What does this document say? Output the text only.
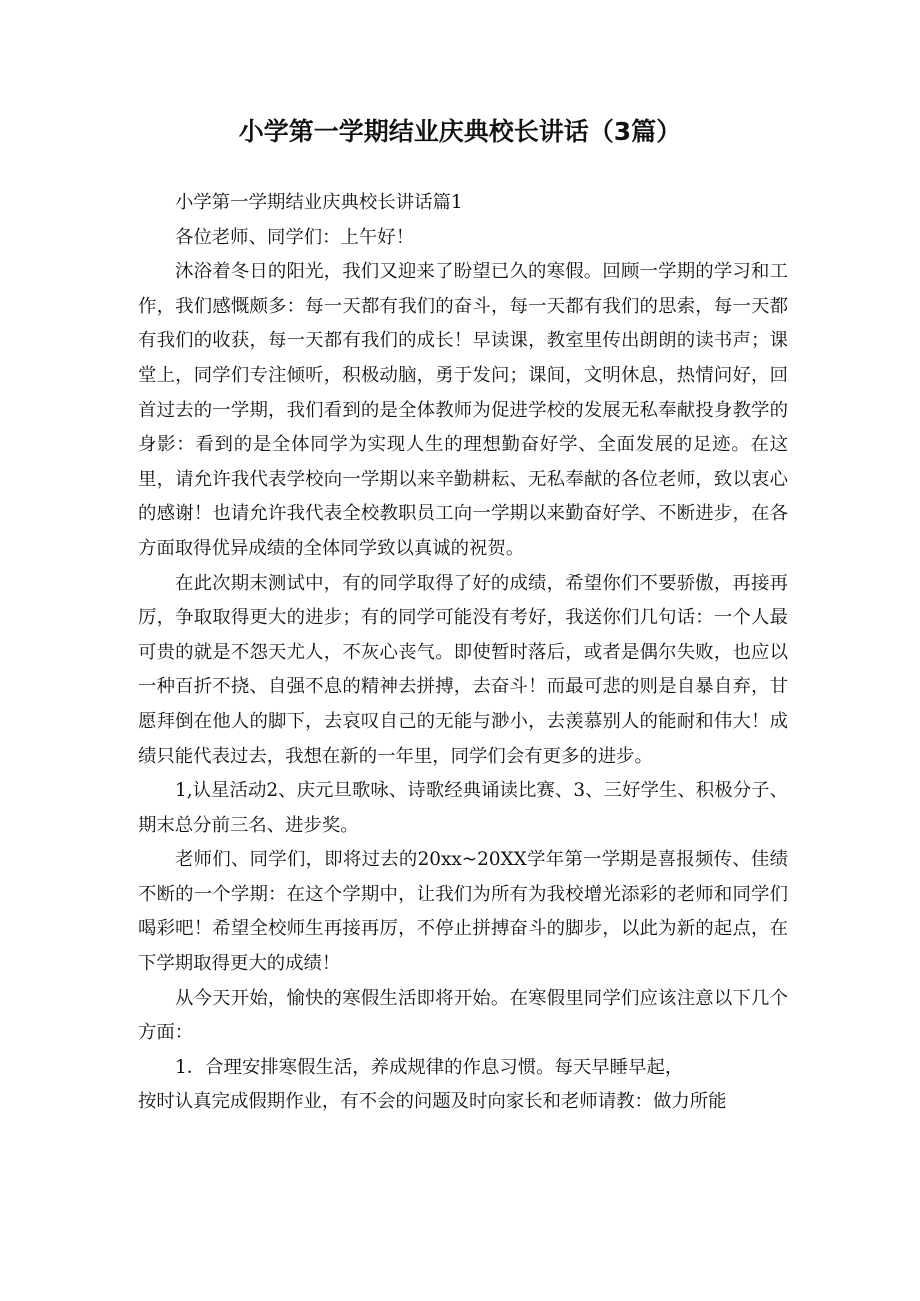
小学第一学期结业庆典校长讲话（3篇）

小学第一学期结业庆典校长讲话篇1

各位老师、同学们：上午好！

沐浴着冬日的阳光，我们又迎来了盼望已久的寒假。回顾一学期的学习和工作，我们感慨颇多：每一天都有我们的奋斗，每一天都有我们的思索，每一天都有我们的收获，每一天都有我们的成长！早读课，教室里传出朗朗的读书声；课堂上，同学们专注倾听，积极动脑，勇于发问；课间，文明休息，热情问好，回首过去的一学期，我们看到的是全体教师为促进学校的发展无私奉献投身教学的身影：看到的是全体同学为实现人生的理想勤奋好学、全面发展的足迹。在这里，请允许我代表学校向一学期以来辛勤耕耘、无私奉献的各位老师，致以衷心的感谢！也请允许我代表全校教职员工向一学期以来勤奋好学、不断进步，在各方面取得优异成绩的全体同学致以真诚的祝贺。

在此次期末测试中，有的同学取得了好的成绩，希望你们不要骄傲，再接再厉，争取取得更大的进步；有的同学可能没有考好，我送你们几句话：一个人最可贵的就是不怨天尤人，不灰心丧气。即使暂时落后，或者是偶尔失败，也应以一种百折不挠、自强不息的精神去拼搏，去奋斗！而最可悲的则是自暴自弃，甘愿拜倒在他人的脚下，去哀叹自己的无能与渺小，去羡慕别人的能耐和伟大！成绩只能代表过去，我想在新的一年里，同学们会有更多的进步。

1,认星活动2、庆元旦歌咏、诗歌经典诵读比赛、3、三好学生、积极分子、期末总分前三名、进步奖。

老师们、同学们，即将过去的20xx~20XX学年第一学期是喜报频传、佳绩不断的一个学期：在这个学期中，让我们为所有为我校增光添彩的老师和同学们喝彩吧！希望全校师生再接再厉，不停止拼搏奋斗的脚步，以此为新的起点，在下学期取得更大的成绩！

从今天开始，愉快的寒假生活即将开始。在寒假里同学们应该注意以下几个方面：

1．合理安排寒假生活，养成规律的作息习惯。每天早睡早起，

按时认真完成假期作业，有不会的问题及时向家长和老师请教：做力所能
